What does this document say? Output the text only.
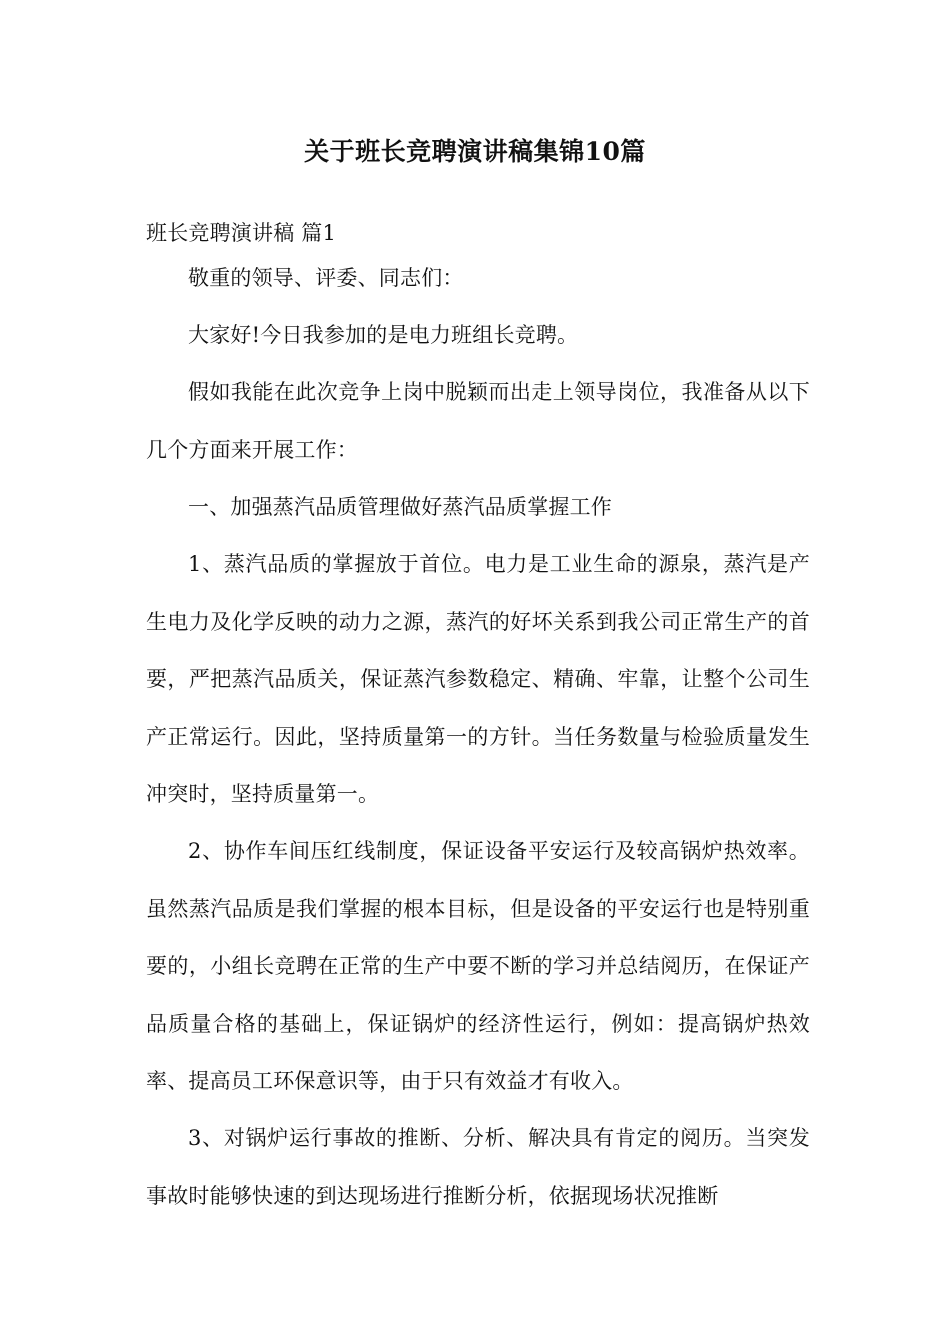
关于班长竞聘演讲稿集锦10篇

班长竞聘演讲稿 篇1

敬重的领导、评委、同志们：

大家好!今日我参加的是电力班组长竞聘。

假如我能在此次竞争上岗中脱颖而出走上领导岗位，我准备从以下几个方面来开展工作：

一、加强蒸汽品质管理做好蒸汽品质掌握工作

1、蒸汽品质的掌握放于首位。电力是工业生命的源泉，蒸汽是产生电力及化学反映的动力之源，蒸汽的好坏关系到我公司正常生产的首要，严把蒸汽品质关，保证蒸汽参数稳定、精确、牢靠，让整个公司生产正常运行。因此，坚持质量第一的方针。当任务数量与检验质量发生冲突时，坚持质量第一。

2、协作车间压红线制度，保证设备平安运行及较高锅炉热效率。虽然蒸汽品质是我们掌握的根本目标，但是设备的平安运行也是特别重要的，小组长竞聘在正常的生产中要不断的学习并总结阅历，在保证产品质量合格的基础上，保证锅炉的经济性运行，例如：提高锅炉热效率、提高员工环保意识等，由于只有效益才有收入。

3、对锅炉运行事故的推断、分析、解决具有肯定的阅历。当突发事故时能够快速的到达现场进行推断分析，依据现场状况推断
